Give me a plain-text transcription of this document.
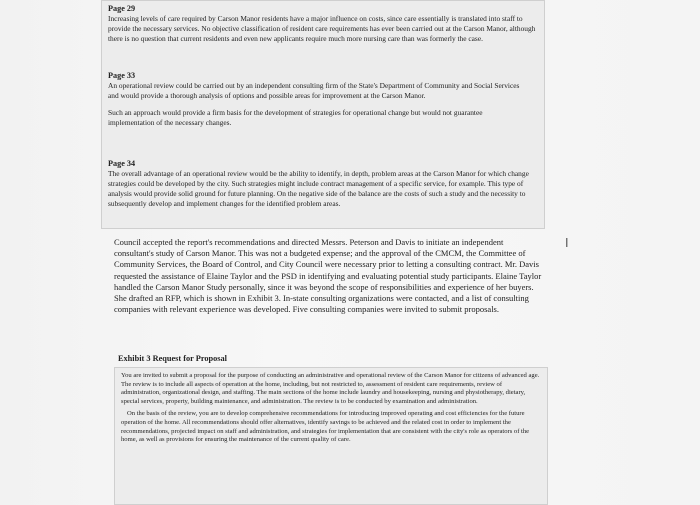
Page 29

Increasing levels of care required by Carson Manor residents have a major influence on costs, since care essentially is translated into staff to provide the necessary services. No objective classification of resident care requirements has ever been carried out at the Carson Manor, although there is no question that current residents and even new applicants require much more nursing care than was formerly the case.

Page 33

An operational review could be carried out by an independent consulting firm of the State's Department of Community and Social Services and would provide a thorough analysis of options and possible areas for improvement at the Carson Manor.

Such an approach would provide a firm basis for the development of strategies for operational change but would not guarantee implementation of the necessary changes.

Page 34

The overall advantage of an operational review would be the ability to identify, in depth, problem areas at the Carson Manor for which change strategies could be developed by the city. Such strategies might include contract management of a specific service, for example. This type of analysis would provide solid ground for future planning. On the negative side of the balance are the costs of such a study and the necessity to subsequently develop and implement changes for the identified problem areas.

Council accepted the report's recommendations and directed Messrs. Peterson and Davis to initiate an independent consultant's study of Carson Manor. This was not a budgeted expense; and the approval of the CMCM, the Committee of Community Services, the Board of Control, and City Council were necessary prior to letting a consulting contract. Mr. Davis requested the assistance of Elaine Taylor and the PSD in identifying and evaluating potential study participants. Elaine Taylor handled the Carson Manor Study personally, since it was beyond the scope of responsibilities and experience of her buyers. She drafted an RFP, which is shown in Exhibit 3. In-state consulting organizations were contacted, and a list of consulting companies with relevant experience was developed. Five consulting companies were invited to submit proposals.

I
Exhibit 3 Request for Proposal

You are invited to submit a proposal for the purpose of conducting an administrative and operational review of the Carson Manor for citizens of advanced age. The review is to include all aspects of operation at the home, including, but not restricted to, assessment of resident care requirements, review of administration, organizational design, and staffing. The main sections of the home include laundry and housekeeping, nursing and physiotherapy, dietary, special services, property, building maintenance, and administration. The review is to be conducted by examination and administration.

On the basis of the review, you are to develop comprehensive recommendations for introducing improved operating and cost efficiencies for the future operation of the home. All recommendations should offer alternatives, identify savings to be achieved and the related cost in order to implement the recommendations, projected impact on staff and administration, and strategies for implementation that are consistent with the city's role as operators of the home, as well as provisions for ensuring the maintenance of the current quality of care.
